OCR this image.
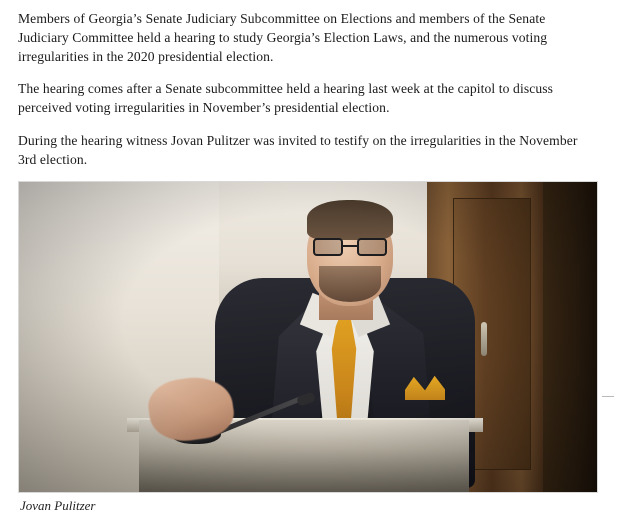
Members of Georgia’s Senate Judiciary Subcommittee on Elections and members of the Senate Judiciary Committee held a hearing to study Georgia’s Election Laws, and the numerous voting irregularities in the 2020 presidential election.

The hearing comes after a Senate subcommittee held a hearing last week at the capitol to discuss perceived voting irregularities in November’s presidential election.

During the hearing witness Jovan Pulitzer was invited to testify on the irregularities in the November 3rd election.

Jovan Pulitzer
